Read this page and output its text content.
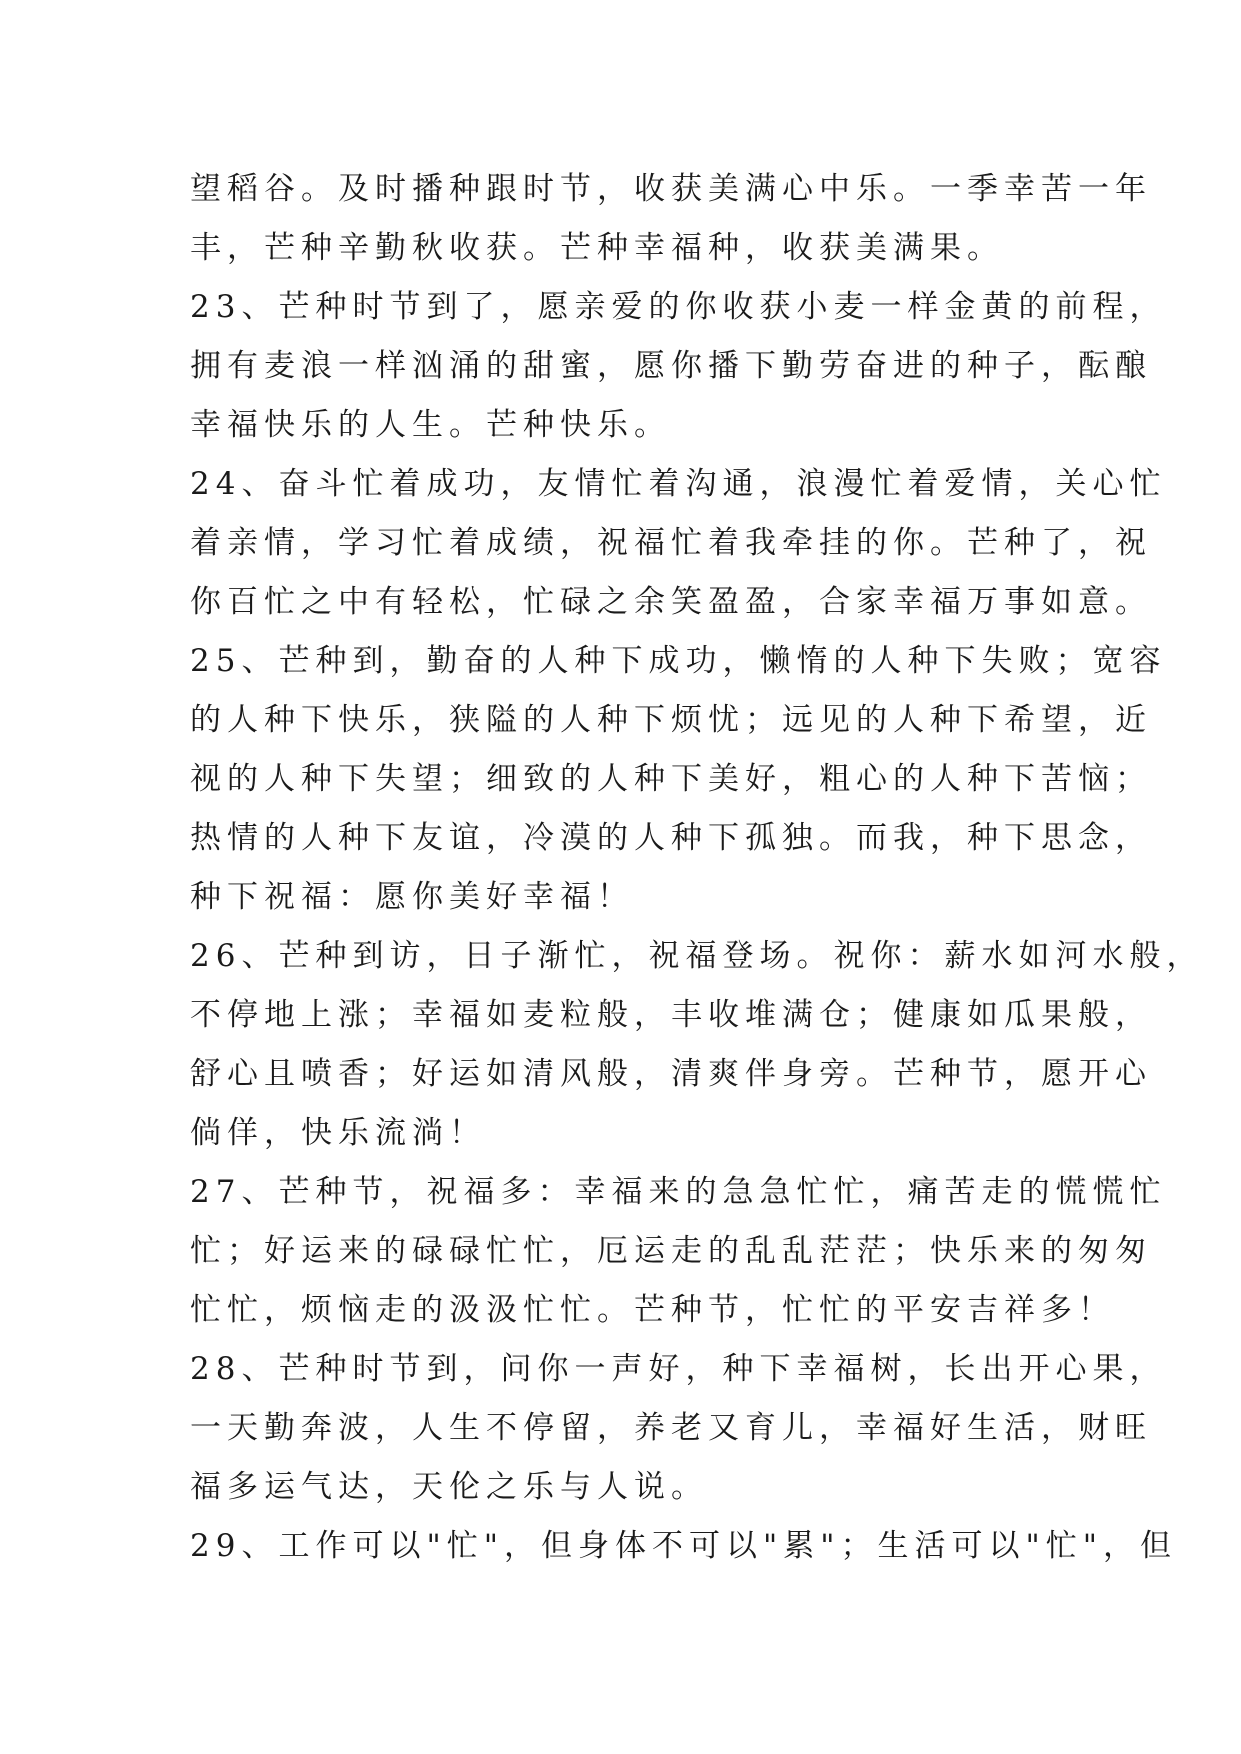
望稻谷。及时播种跟时节，收获美满心中乐。一季幸苦一年
丰，芒种辛勤秋收获。芒种幸福种，收获美满果。
23、芒种时节到了，愿亲爱的你收获小麦一样金黄的前程，
拥有麦浪一样汹涌的甜蜜，愿你播下勤劳奋进的种子，酝酿
幸福快乐的人生。芒种快乐。
24、奋斗忙着成功，友情忙着沟通，浪漫忙着爱情，关心忙
着亲情，学习忙着成绩，祝福忙着我牵挂的你。芒种了，祝
你百忙之中有轻松，忙碌之余笑盈盈，合家幸福万事如意。
25、芒种到，勤奋的人种下成功，懒惰的人种下失败；宽容
的人种下快乐，狭隘的人种下烦忧；远见的人种下希望，近
视的人种下失望；细致的人种下美好，粗心的人种下苦恼；
热情的人种下友谊，冷漠的人种下孤独。而我，种下思念，
种下祝福：愿你美好幸福！
26、芒种到访，日子渐忙，祝福登场。祝你：薪水如河水般，
不停地上涨；幸福如麦粒般，丰收堆满仓；健康如瓜果般，
舒心且喷香；好运如清风般，清爽伴身旁。芒种节，愿开心
倘佯，快乐流淌！
27、芒种节，祝福多：幸福来的急急忙忙，痛苦走的慌慌忙
忙；好运来的碌碌忙忙，厄运走的乱乱茫茫；快乐来的匆匆
忙忙，烦恼走的汲汲忙忙。芒种节，忙忙的平安吉祥多！
28、芒种时节到，问你一声好，种下幸福树，长出开心果，
一天勤奔波，人生不停留，养老又育儿，幸福好生活，财旺
福多运气达，天伦之乐与人说。
29、工作可以"忙"，但身体不可以"累"；生活可以"忙"，但
